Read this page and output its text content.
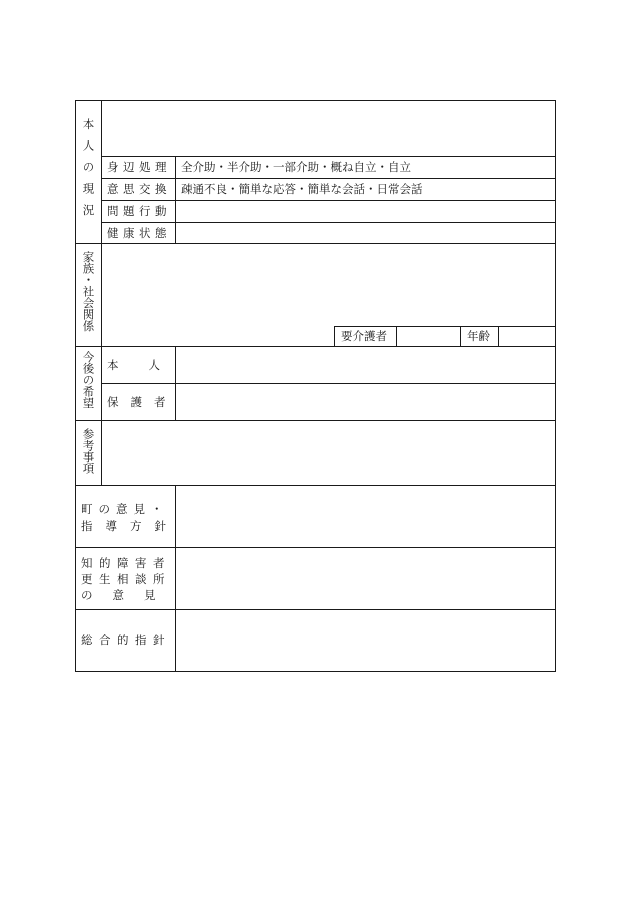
本人の現況 身辺処理 全介助・半介助・一部介助・概ね自立・自立
意思交換 疎通不良・簡単な応答・簡単な会話・日常会話
問題行動
健康状態
家族・社会関係
要介護者	年齢
今後の希望 本人
保護者
参考事項
町の意見・
指導方針
知的障害者
更生相談所
の意見
総合的指針
